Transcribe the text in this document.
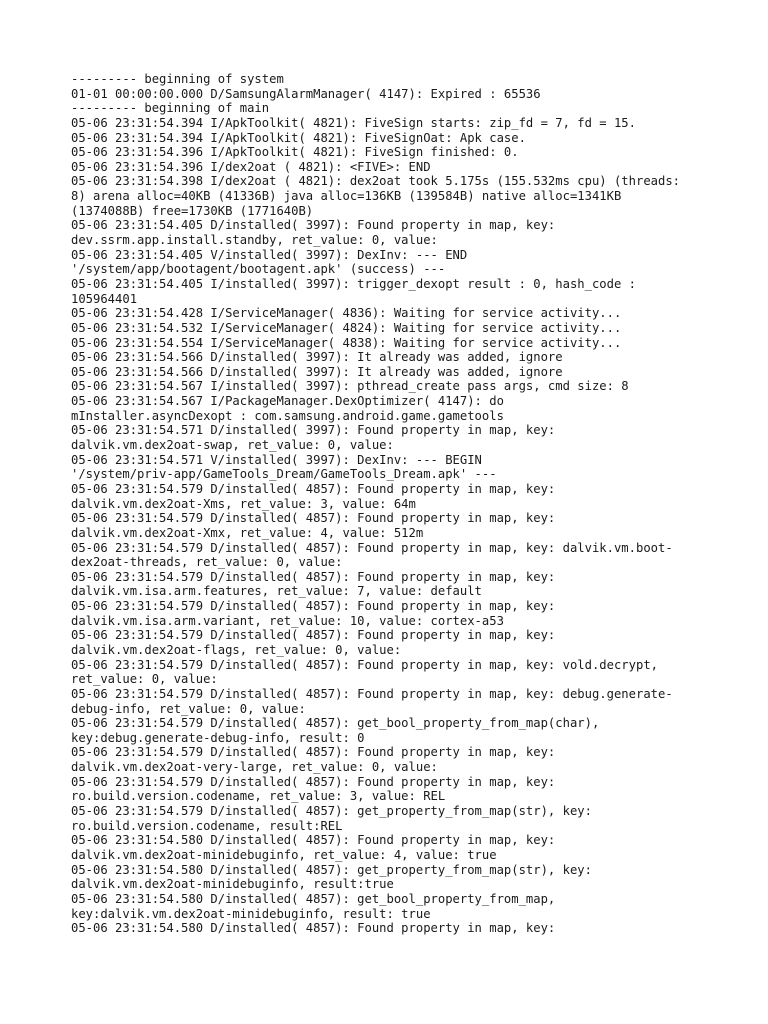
--------- beginning of system
01-01 00:00:00.000 D/SamsungAlarmManager( 4147): Expired : 65536
--------- beginning of main
05-06 23:31:54.394 I/ApkToolkit( 4821): FiveSign starts: zip_fd = 7, fd = 15.
05-06 23:31:54.394 I/ApkToolkit( 4821): FiveSignOat: Apk case.
05-06 23:31:54.396 I/ApkToolkit( 4821): FiveSign finished: 0.
05-06 23:31:54.396 I/dex2oat ( 4821): <FIVE>: END
05-06 23:31:54.398 I/dex2oat ( 4821): dex2oat took 5.175s (155.532ms cpu) (threads:
8) arena alloc=40KB (41336B) java alloc=136KB (139584B) native alloc=1341KB
(1374088B) free=1730KB (1771640B)
05-06 23:31:54.405 D/installed( 3997): Found property in map, key:
dev.ssrm.app.install.standby, ret_value: 0, value:
05-06 23:31:54.405 V/installed( 3997): DexInv: --- END
'/system/app/bootagent/bootagent.apk' (success) ---
05-06 23:31:54.405 I/installed( 3997): trigger_dexopt result : 0, hash_code :
105964401
05-06 23:31:54.428 I/ServiceManager( 4836): Waiting for service activity...
05-06 23:31:54.532 I/ServiceManager( 4824): Waiting for service activity...
05-06 23:31:54.554 I/ServiceManager( 4838): Waiting for service activity...
05-06 23:31:54.566 D/installed( 3997): It already was added, ignore
05-06 23:31:54.566 D/installed( 3997): It already was added, ignore
05-06 23:31:54.567 I/installed( 3997): pthread_create pass args, cmd size: 8
05-06 23:31:54.567 I/PackageManager.DexOptimizer( 4147): do
mInstaller.asyncDexopt : com.samsung.android.game.gametools
05-06 23:31:54.571 D/installed( 3997): Found property in map, key:
dalvik.vm.dex2oat-swap, ret_value: 0, value:
05-06 23:31:54.571 V/installed( 3997): DexInv: --- BEGIN
'/system/priv-app/GameTools_Dream/GameTools_Dream.apk' ---
05-06 23:31:54.579 D/installed( 4857): Found property in map, key:
dalvik.vm.dex2oat-Xms, ret_value: 3, value: 64m
05-06 23:31:54.579 D/installed( 4857): Found property in map, key:
dalvik.vm.dex2oat-Xmx, ret_value: 4, value: 512m
05-06 23:31:54.579 D/installed( 4857): Found property in map, key: dalvik.vm.boot-
dex2oat-threads, ret_value: 0, value:
05-06 23:31:54.579 D/installed( 4857): Found property in map, key:
dalvik.vm.isa.arm.features, ret_value: 7, value: default
05-06 23:31:54.579 D/installed( 4857): Found property in map, key:
dalvik.vm.isa.arm.variant, ret_value: 10, value: cortex-a53
05-06 23:31:54.579 D/installed( 4857): Found property in map, key:
dalvik.vm.dex2oat-flags, ret_value: 0, value:
05-06 23:31:54.579 D/installed( 4857): Found property in map, key: vold.decrypt,
ret_value: 0, value:
05-06 23:31:54.579 D/installed( 4857): Found property in map, key: debug.generate-
debug-info, ret_value: 0, value:
05-06 23:31:54.579 D/installed( 4857): get_bool_property_from_map(char),
key:debug.generate-debug-info, result: 0
05-06 23:31:54.579 D/installed( 4857): Found property in map, key:
dalvik.vm.dex2oat-very-large, ret_value: 0, value:
05-06 23:31:54.579 D/installed( 4857): Found property in map, key:
ro.build.version.codename, ret_value: 3, value: REL
05-06 23:31:54.579 D/installed( 4857): get_property_from_map(str), key:
ro.build.version.codename, result:REL
05-06 23:31:54.580 D/installed( 4857): Found property in map, key:
dalvik.vm.dex2oat-minidebuginfo, ret_value: 4, value: true
05-06 23:31:54.580 D/installed( 4857): get_property_from_map(str), key:
dalvik.vm.dex2oat-minidebuginfo, result:true
05-06 23:31:54.580 D/installed( 4857): get_bool_property_from_map,
key:dalvik.vm.dex2oat-minidebuginfo, result: true
05-06 23:31:54.580 D/installed( 4857): Found property in map, key:
